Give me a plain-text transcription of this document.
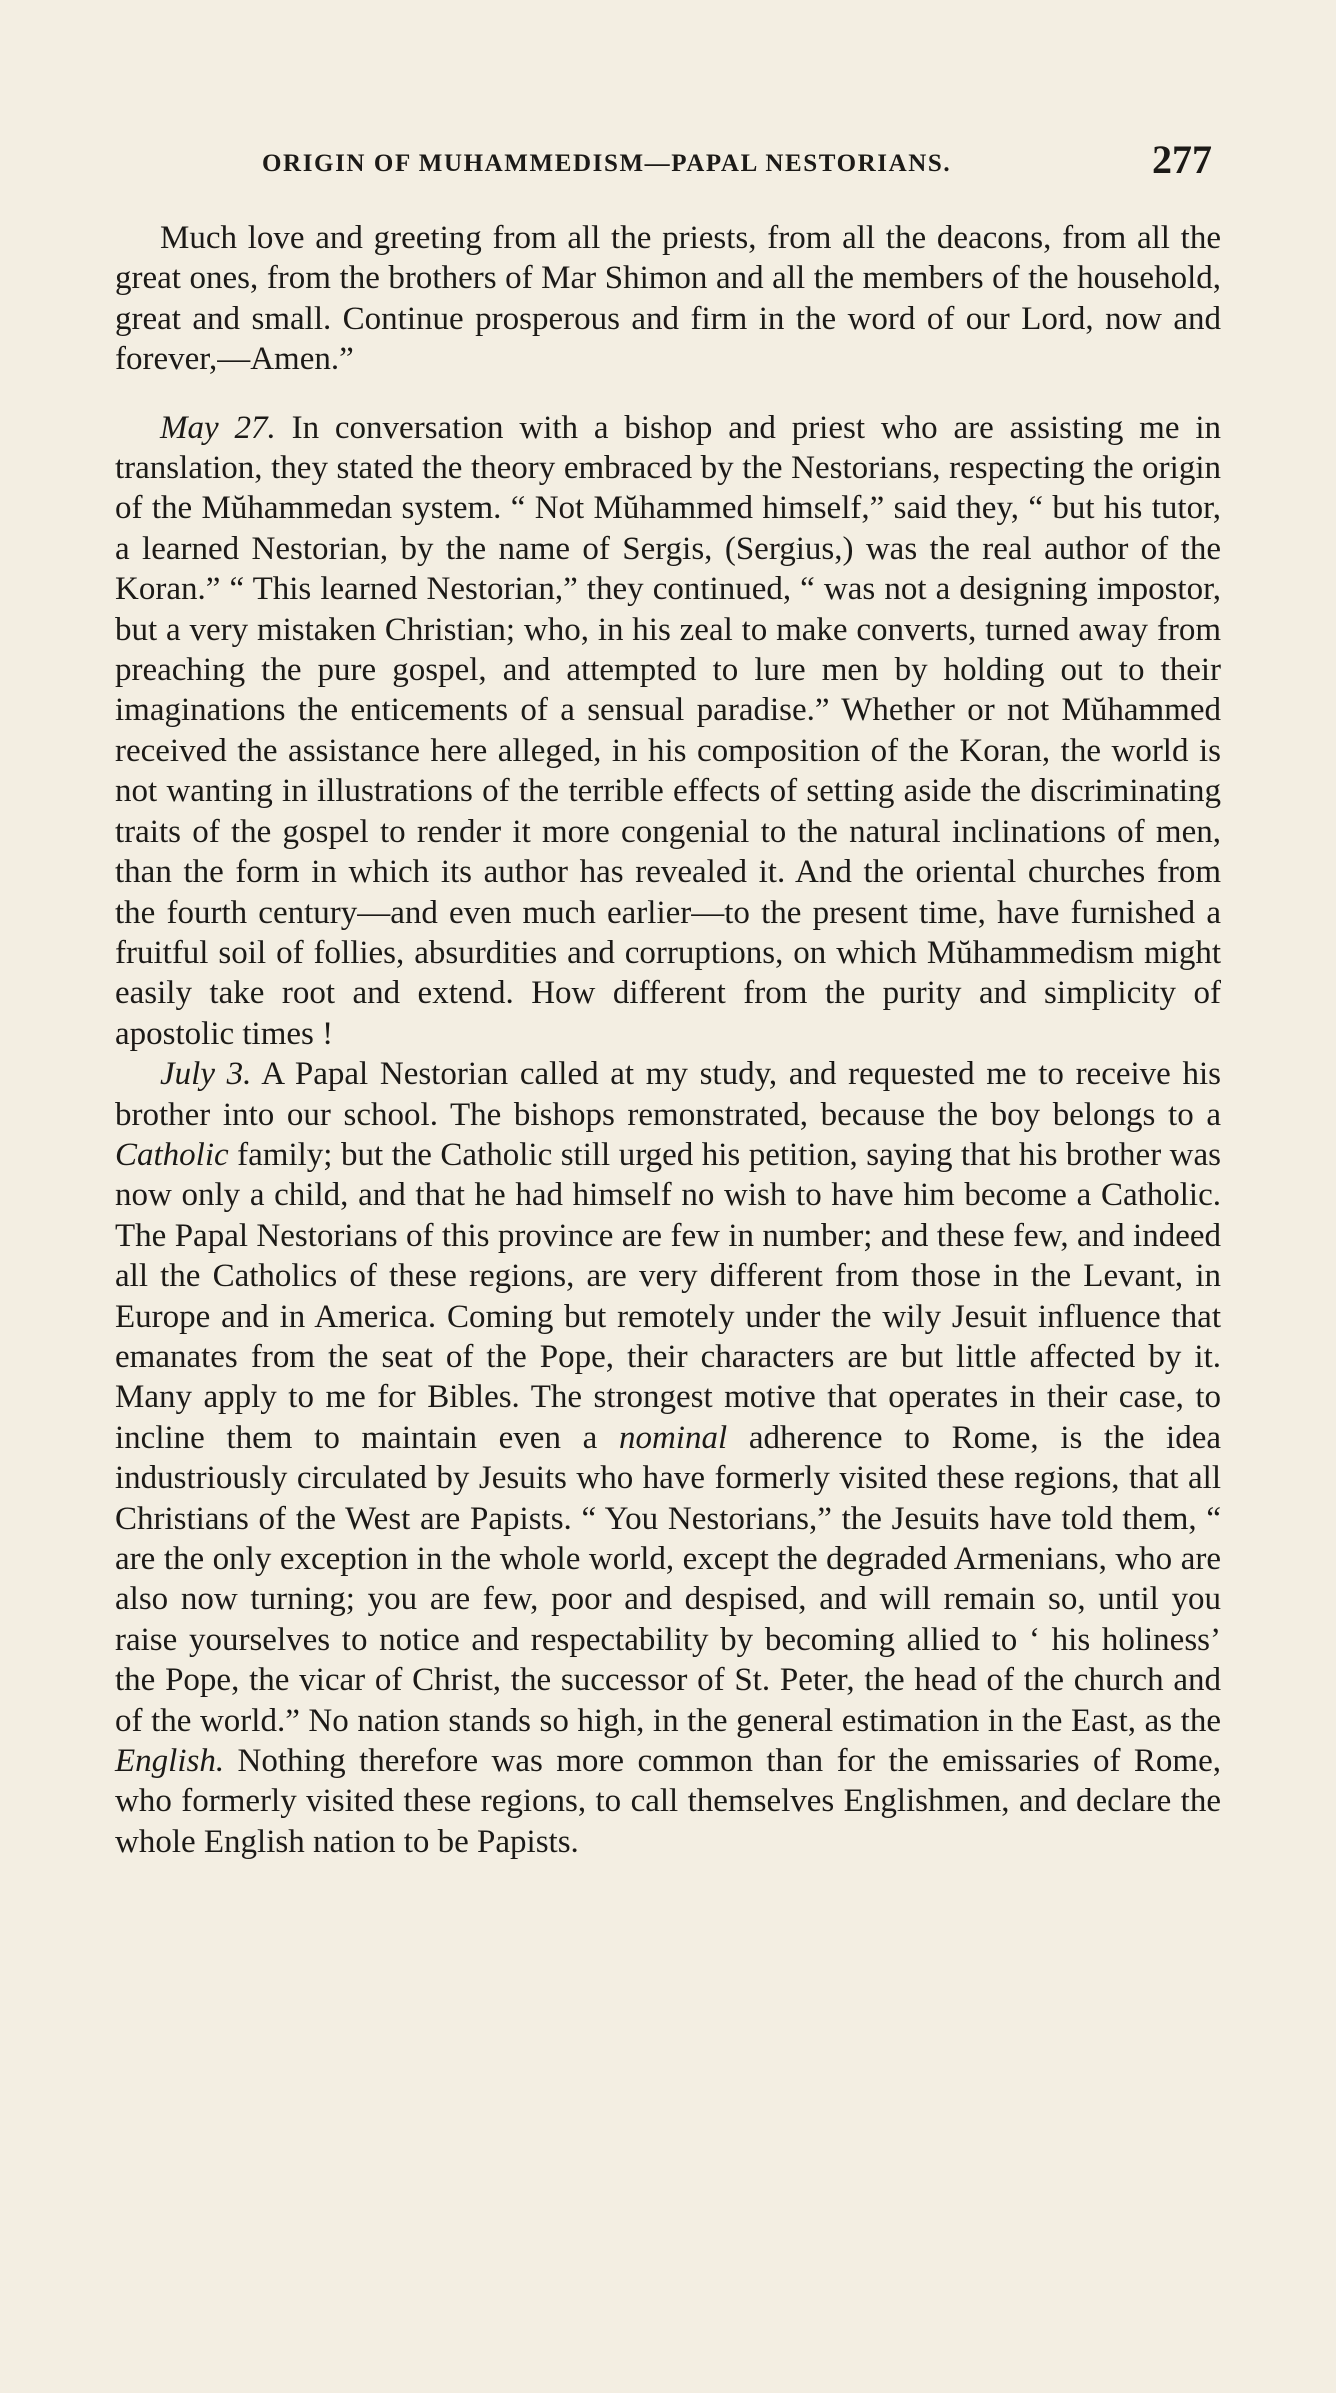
ORIGIN OF MUHAMMEDISM—PAPAL NESTORIANS.	277

Much love and greeting from all the priests, from all the deacons, from all the great ones, from the brothers of Mar Shimon and all the members of the household, great and small. Continue prosperous and firm in the word of our Lord, now and forever,—Amen.”

May 27. In conversation with a bishop and priest who are assisting me in translation, they stated the theory embraced by the Nestorians, respecting the origin of the Mŭhammedan system. “ Not Mŭhammed himself,” said they, “ but his tutor, a learned Nestorian, by the name of Sergis, (Sergius,) was the real author of the Koran.” “ This learned Nestorian,” they continued, “ was not a designing impostor, but a very mistaken Christian; who, in his zeal to make converts, turned away from preaching the pure gospel, and attempted to lure men by holding out to their imaginations the enticements of a sensual paradise.” Whether or not Mŭhammed received the assistance here alleged, in his composition of the Koran, the world is not wanting in illustrations of the terrible effects of setting aside the discriminating traits of the gospel to render it more congenial to the natural inclinations of men, than the form in which its author has revealed it. And the oriental churches from the fourth century—and even much earlier—to the present time, have furnished a fruitful soil of follies, absurdities and corruptions, on which Mŭhammedism might easily take root and extend. How different from the purity and simplicity of apostolic times !

July 3. A Papal Nestorian called at my study, and requested me to receive his brother into our school. The bishops remonstrated, because the boy belongs to a Catholic family; but the Catholic still urged his petition, saying that his brother was now only a child, and that he had himself no wish to have him become a Catholic. The Papal Nestorians of this province are few in number; and these few, and indeed all the Catholics of these regions, are very different from those in the Levant, in Europe and in America. Coming but remotely under the wily Jesuit influence that emanates from the seat of the Pope, their characters are but little affected by it. Many apply to me for Bibles. The strongest motive that operates in their case, to incline them to maintain even a nominal adherence to Rome, is the idea industriously circulated by Jesuits who have formerly visited these regions, that all Christians of the West are Papists. “ You Nestorians,” the Jesuits have told them, “ are the only exception in the whole world, except the degraded Armenians, who are also now turning; you are few, poor and despised, and will remain so, until you raise yourselves to notice and respectability by becoming allied to ‘ his holiness’ the Pope, the vicar of Christ, the successor of St. Peter, the head of the church and of the world.” No nation stands so high, in the general estimation in the East, as the English. Nothing therefore was more common than for the emissaries of Rome, who formerly visited these regions, to call themselves Englishmen, and declare the whole English nation to be Papists.
